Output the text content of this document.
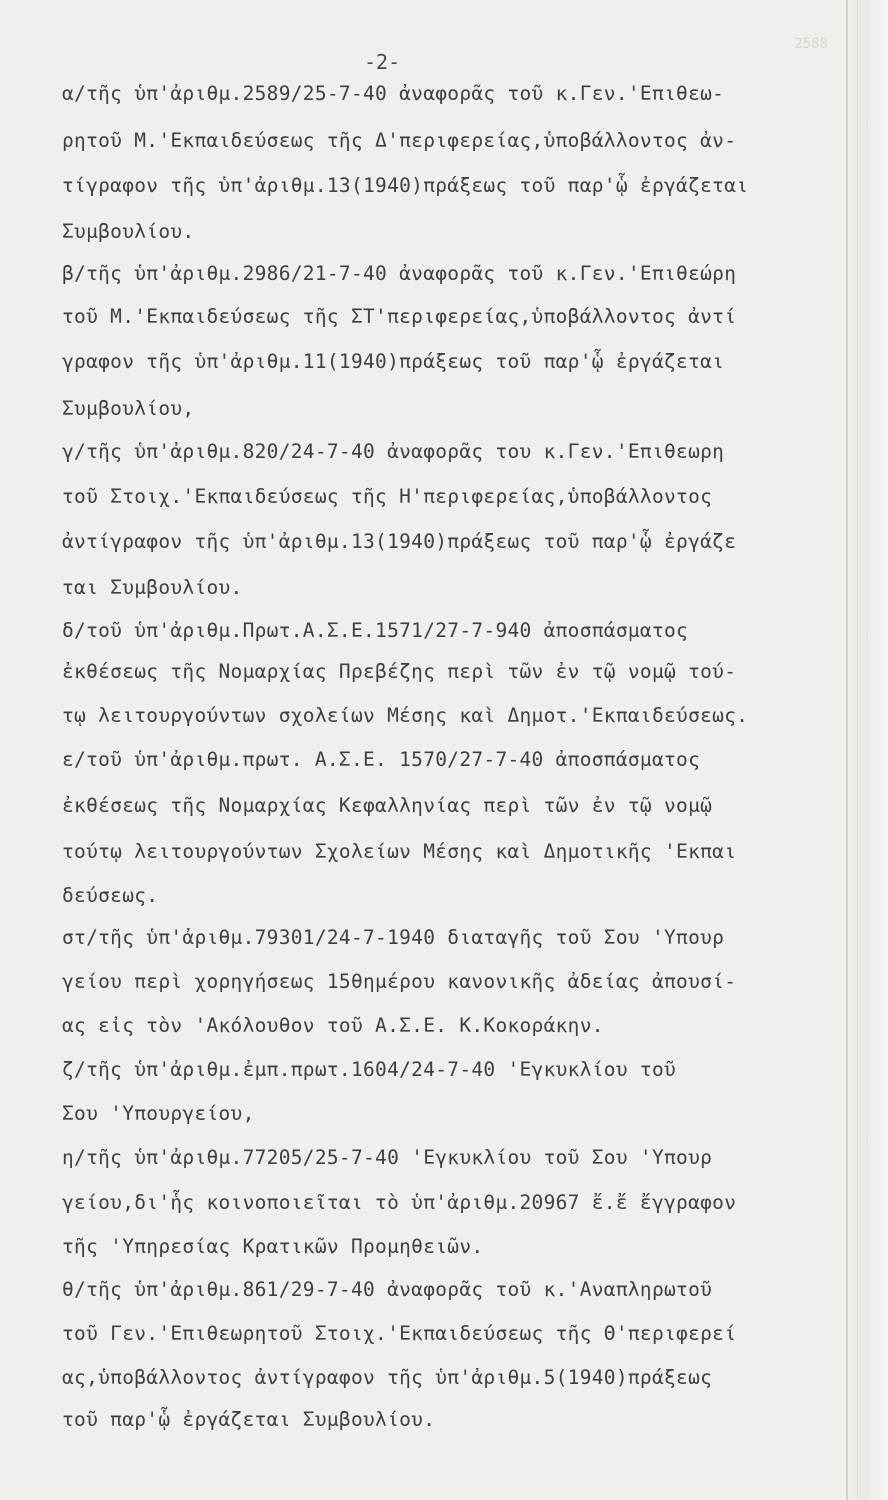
2588
-2-
α/τῆς ὑπ'ἀριθμ.2589/25-7-40 ἀναφορᾶς τοῦ κ.Γεν.'Επιθεω-
ρητοῦ Μ.'Εκπαιδεύσεως τῆς Δ'περιφερείας,ὑποβάλλοντος ἀν-
τίγραφον τῆς ὑπ'ἀριθμ.13(1940)πράξεως τοῦ παρ'ᾧ ἐργάζεται
Συμβουλίου.
β/τῆς ὑπ'ἀριθμ.2986/21-7-40 ἀναφορᾶς τοῦ κ.Γεν.'Επιθεώρη
τοῦ Μ.'Εκπαιδεύσεως τῆς ΣΤ'περιφερείας,ὑποβάλλοντος ἀντί
γραφον τῆς ὑπ'ἀριθμ.11(1940)πράξεως τοῦ παρ'ᾧ ἐργάζεται
Συμβουλίου,
γ/τῆς ὑπ'ἀριθμ.820/24-7-40 ἀναφορᾶς του κ.Γεν.'Επιθεωρη
τοῦ Στοιχ.'Εκπαιδεύσεως τῆς Η'περιφερείας,ὑποβάλλοντος
ἀντίγραφον τῆς ὑπ'ἀριθμ.13(1940)πράξεως τοῦ παρ'ᾧ ἐργάζε
ται Συμβουλίου.
δ/τοῦ ὑπ'ἀριθμ.Πρωτ.Α.Σ.Ε.1571/27-7-940 ἀποσπάσματος
ἐκθέσεως τῆς Νομαρχίας Πρεβέζης περὶ τῶν ἐν τῷ νομῷ τού-
τῳ λειτουργούντων σχολείων Μέσης καὶ Δημοτ.'Εκπαιδεύσεως.
ε/τοῦ ὑπ'ἀριθμ.πρωτ. Α.Σ.Ε. 1570/27-7-40 ἀποσπάσματος
ἐκθέσεως τῆς Νομαρχίας Κεφαλληνίας περὶ τῶν ἐν τῷ νομῷ
τούτῳ λειτουργούντων Σχολείων Μέσης καὶ Δημοτικῆς 'Εκπαι
δεύσεως.
στ/τῆς ὑπ'ἀριθμ.79301/24-7-1940 διαταγῆς τοῦ Σου 'Υπουρ
γείου περὶ χορηγήσεως 15θημέρου κανονικῆς ἀδείας ἀπουσί-
ας εἰς τὸν 'Ακόλουθον τοῦ Α.Σ.Ε. Κ.Κοκοράκην.
ζ/τῆς ὑπ'ἀριθμ.ἐμπ.πρωτ.1604/24-7-40 'Εγκυκλίου τοῦ
Σου 'Υπουργείου,
η/τῆς ὑπ'ἀριθμ.77205/25-7-40 'Εγκυκλίου τοῦ Σου 'Υπουρ
γείου,δι'ἧς κοινοποιεῖται τὸ ὑπ'ἀριθμ.20967 ἔ.ἔ ἔγγραφον
τῆς 'Υπηρεσίας Κρατικῶν Προμηθειῶν.
θ/τῆς ὑπ'ἀριθμ.861/29-7-40 ἀναφορᾶς τοῦ κ.'Αναπληρωτοῦ
τοῦ Γεν.'Επιθεωρητοῦ Στοιχ.'Εκπαιδεύσεως τῆς Θ'περιφερεί
ας,ὑποβάλλοντος ἀντίγραφον τῆς ὑπ'ἀριθμ.5(1940)πράξεως
τοῦ παρ'ᾧ ἐργάζεται Συμβουλίου.
